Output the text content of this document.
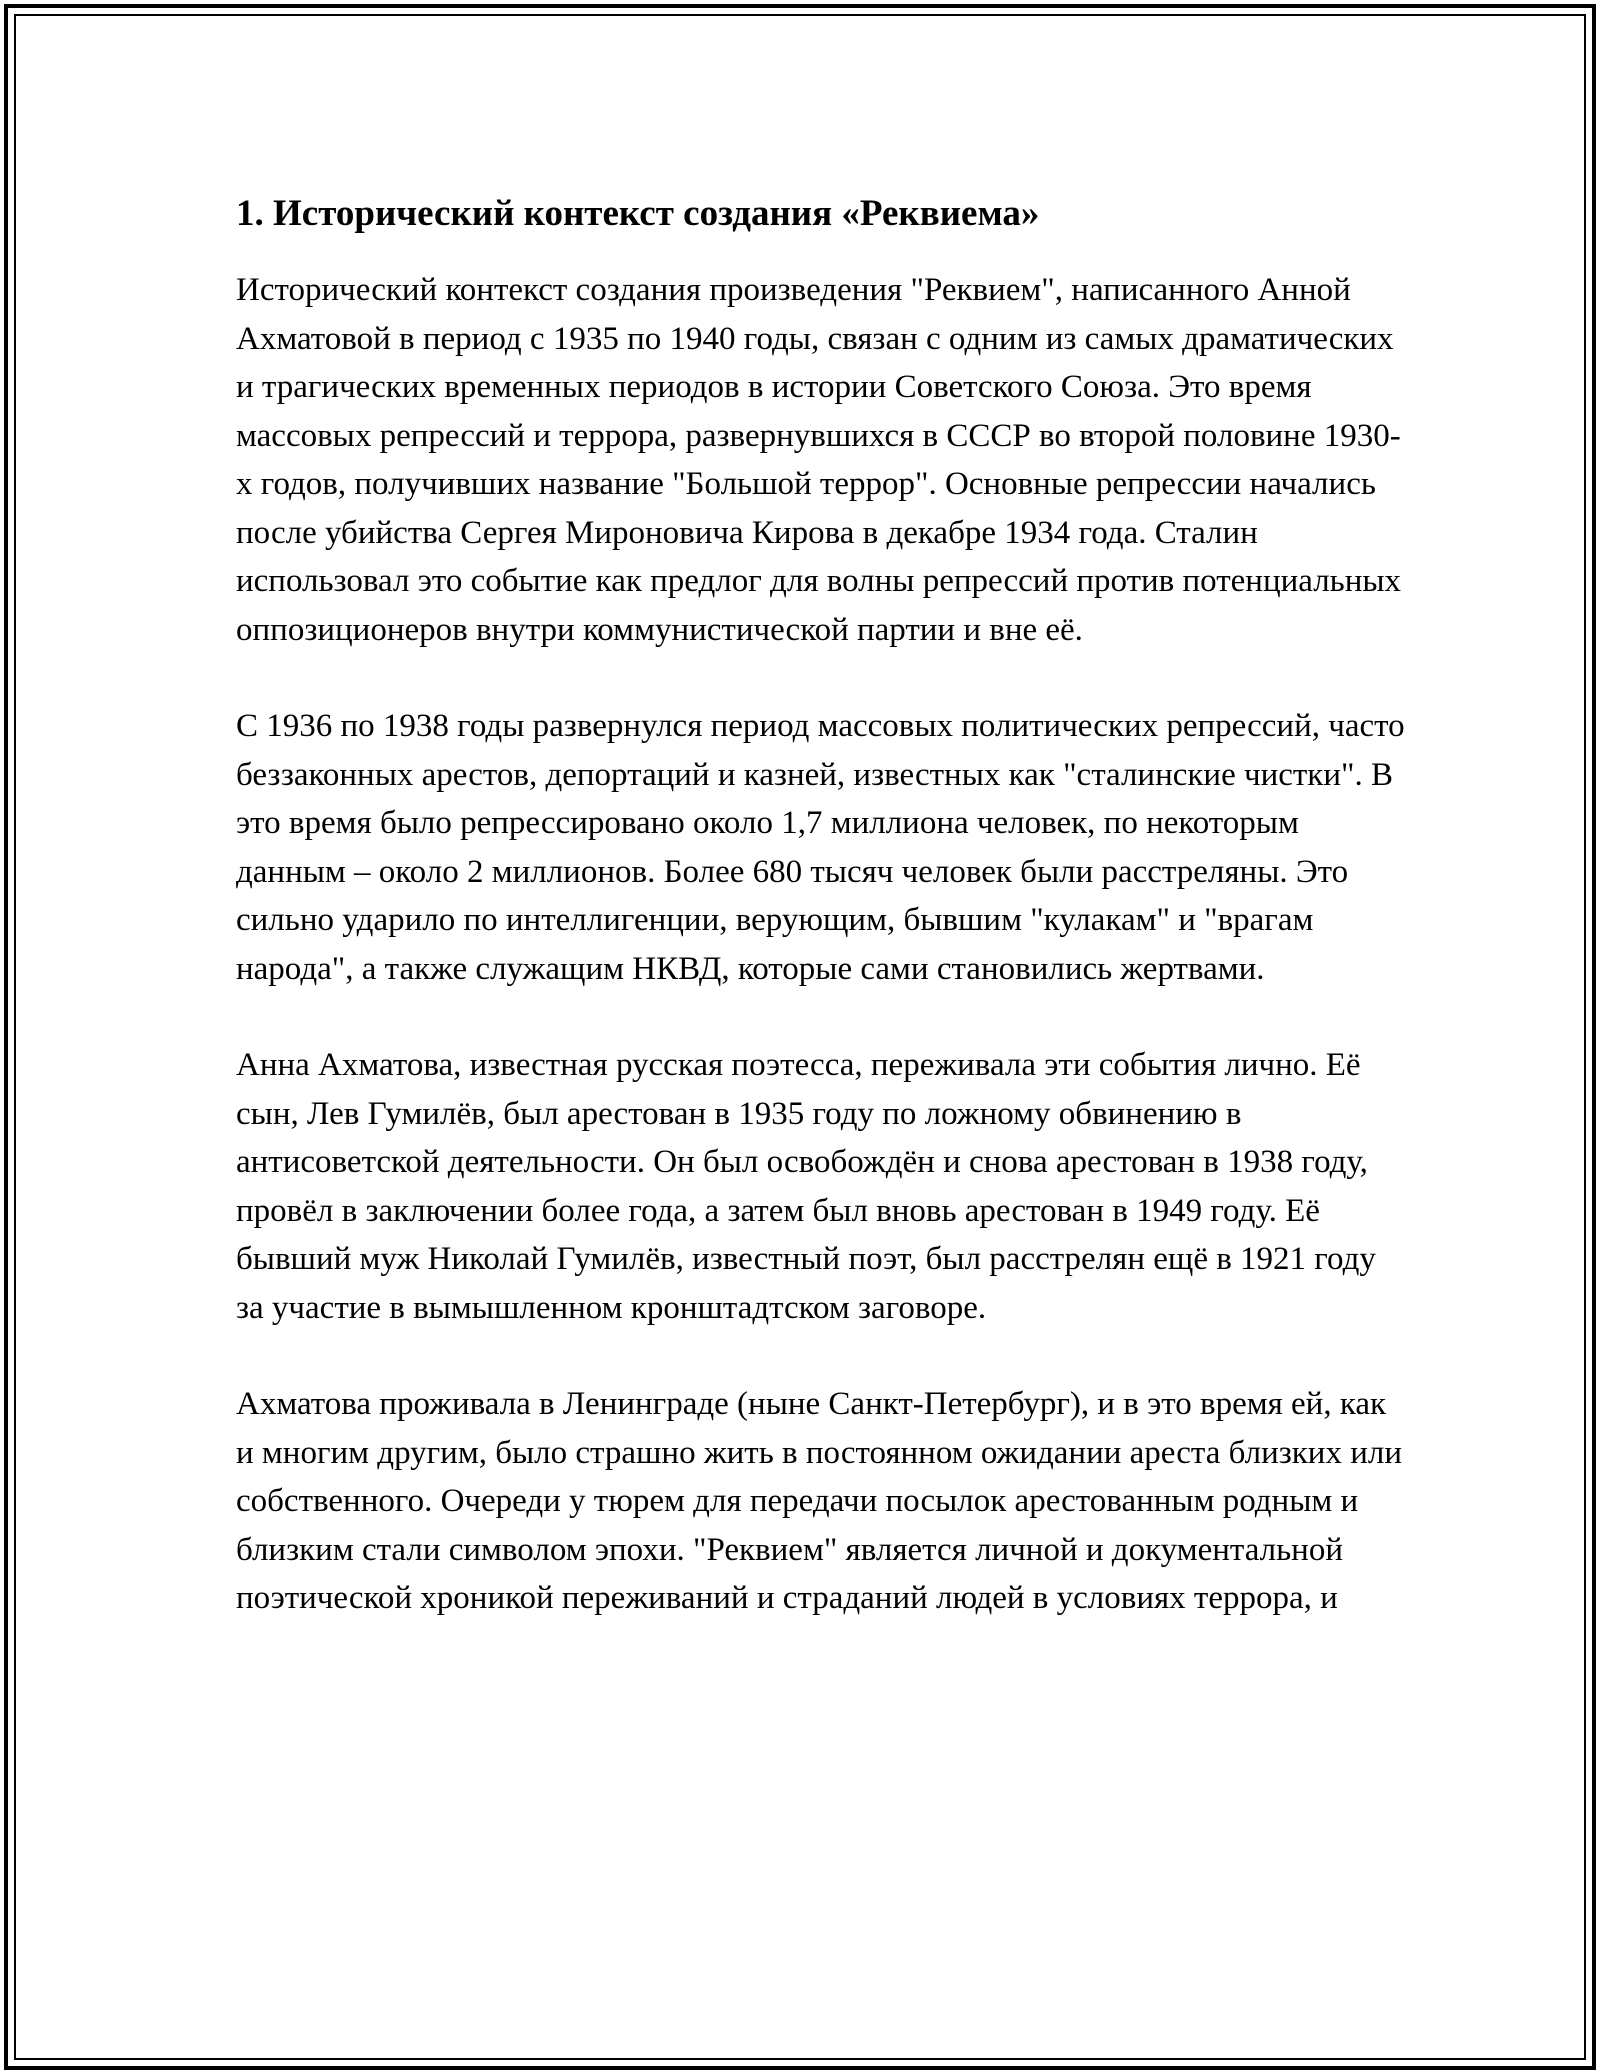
1. Исторический контекст создания «Реквиема»

Исторический контекст создания произведения "Реквием", написанного Анной Ахматовой в период с 1935 по 1940 годы, связан с одним из самых драматических и трагических временных периодов в истории Советского Союза. Это время массовых репрессий и террора, развернувшихся в СССР во второй половине 1930-х годов, получивших название "Большой террор". Основные репрессии начались после убийства Сергея Мироновича Кирова в декабре 1934 года. Сталин использовал это событие как предлог для волны репрессий против потенциальных оппозиционеров внутри коммунистической партии и вне её.

С 1936 по 1938 годы развернулся период массовых политических репрессий, часто беззаконных арестов, депортаций и казней, известных как "сталинские чистки". В это время было репрессировано около 1,7 миллиона человек, по некоторым данным – около 2 миллионов. Более 680 тысяч человек были расстреляны. Это сильно ударило по интеллигенции, верующим, бывшим "кулакам" и "врагам народа", а также служащим НКВД, которые сами становились жертвами.

Анна Ахматова, известная русская поэтесса, переживала эти события лично. Её сын, Лев Гумилёв, был арестован в 1935 году по ложному обвинению в антисоветской деятельности. Он был освобождён и снова арестован в 1938 году, провёл в заключении более года, а затем был вновь арестован в 1949 году. Её бывший муж Николай Гумилёв, известный поэт, был расстрелян ещё в 1921 году за участие в вымышленном кронштадтском заговоре.

Ахматова проживала в Ленинграде (ныне Санкт-Петербург), и в это время ей, как и многим другим, было страшно жить в постоянном ожидании ареста близких или собственного. Очереди у тюрем для передачи посылок арестованным родным и близким стали символом эпохи. "Реквием" является личной и документальной поэтической хроникой переживаний и страданий людей в условиях террора, и
